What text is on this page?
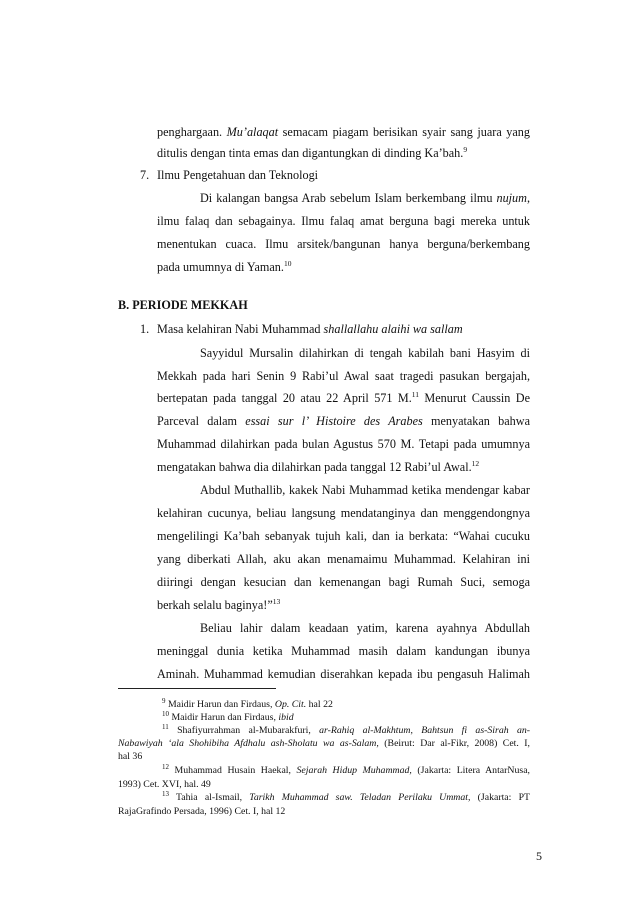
penghargaan. Mu’alaqat semacam piagam berisikan syair sang juara yang
ditulis dengan tinta emas dan digantungkan di dinding Ka’bah.$^9$
7. Ilmu Pengetahuan dan Teknologi
Di kalangan bangsa Arab sebelum Islam berkembang ilmu nujum,
ilmu falaq dan sebagainya. Ilmu falaq amat berguna bagi mereka untuk
menentukan cuaca. Ilmu arsitek/bangunan hanya berguna/berkembang
pada umumnya di Yaman.$^{10}$
B. PERIODE MEKKAH
1. Masa kelahiran Nabi Muhammad shallallahu alaihi wa sallam
Sayyidul Mursalin dilahirkan di tengah kabilah bani Hasyim di
Mekkah pada hari Senin 9 Rabi’ul Awal saat tragedi pasukan bergajah,
bertepatan pada tanggal 20 atau 22 April 571 M.$^{11}$ Menurut Caussin De
Parceval dalam essai sur l’ Histoire des Arabes menyatakan bahwa
Muhammad dilahirkan pada bulan Agustus 570 M. Tetapi pada umumnya
mengatakan bahwa dia dilahirkan pada tanggal 12 Rabi’ul Awal.$^{12}$
Abdul Muthallib, kakek Nabi Muhammad ketika mendengar kabar
kelahiran cucunya, beliau langsung mendatanginya dan menggendongnya
mengelilingi Ka’bah sebanyak tujuh kali, dan ia berkata: “Wahai cucuku
yang diberkati Allah, aku akan menamaimu Muhammad. Kelahiran ini
diiringi dengan kesucian dan kemenangan bagi Rumah Suci, semoga
berkah selalu baginya!”$^{13}$
Beliau lahir dalam keadaan yatim, karena ayahnya Abdullah
meninggal dunia ketika Muhammad masih dalam kandungan ibunya
Aminah. Muhammad kemudian diserahkan kepada ibu pengasuh Halimah
$^9$ Maidir Harun dan Firdaus, Op. Cit. hal 22
$^{10}$ Maidir Harun dan Firdaus, ibid
$^{11}$ Shafiyurrahman al-Mubarakfuri, ar-Rahiq al-Makhtum, Bahtsun fi as-Sirah an-
Nabawiyah ‘ala Shohibiha Afdhalu ash-Sholatu wa as-Salam, (Beirut: Dar al-Fikr, 2008) Cet. I,
hal 36
$^{12}$ Muhammad Husain Haekal, Sejarah Hidup Muhammad, (Jakarta: Litera AntarNusa,
1993) Cet. XVI, hal. 49
$^{13}$ Tahia al-Ismail, Tarikh Muhammad saw. Teladan Perilaku Ummat, (Jakarta: PT
RajaGrafindo Persada, 1996) Cet. I, hal 12
5
